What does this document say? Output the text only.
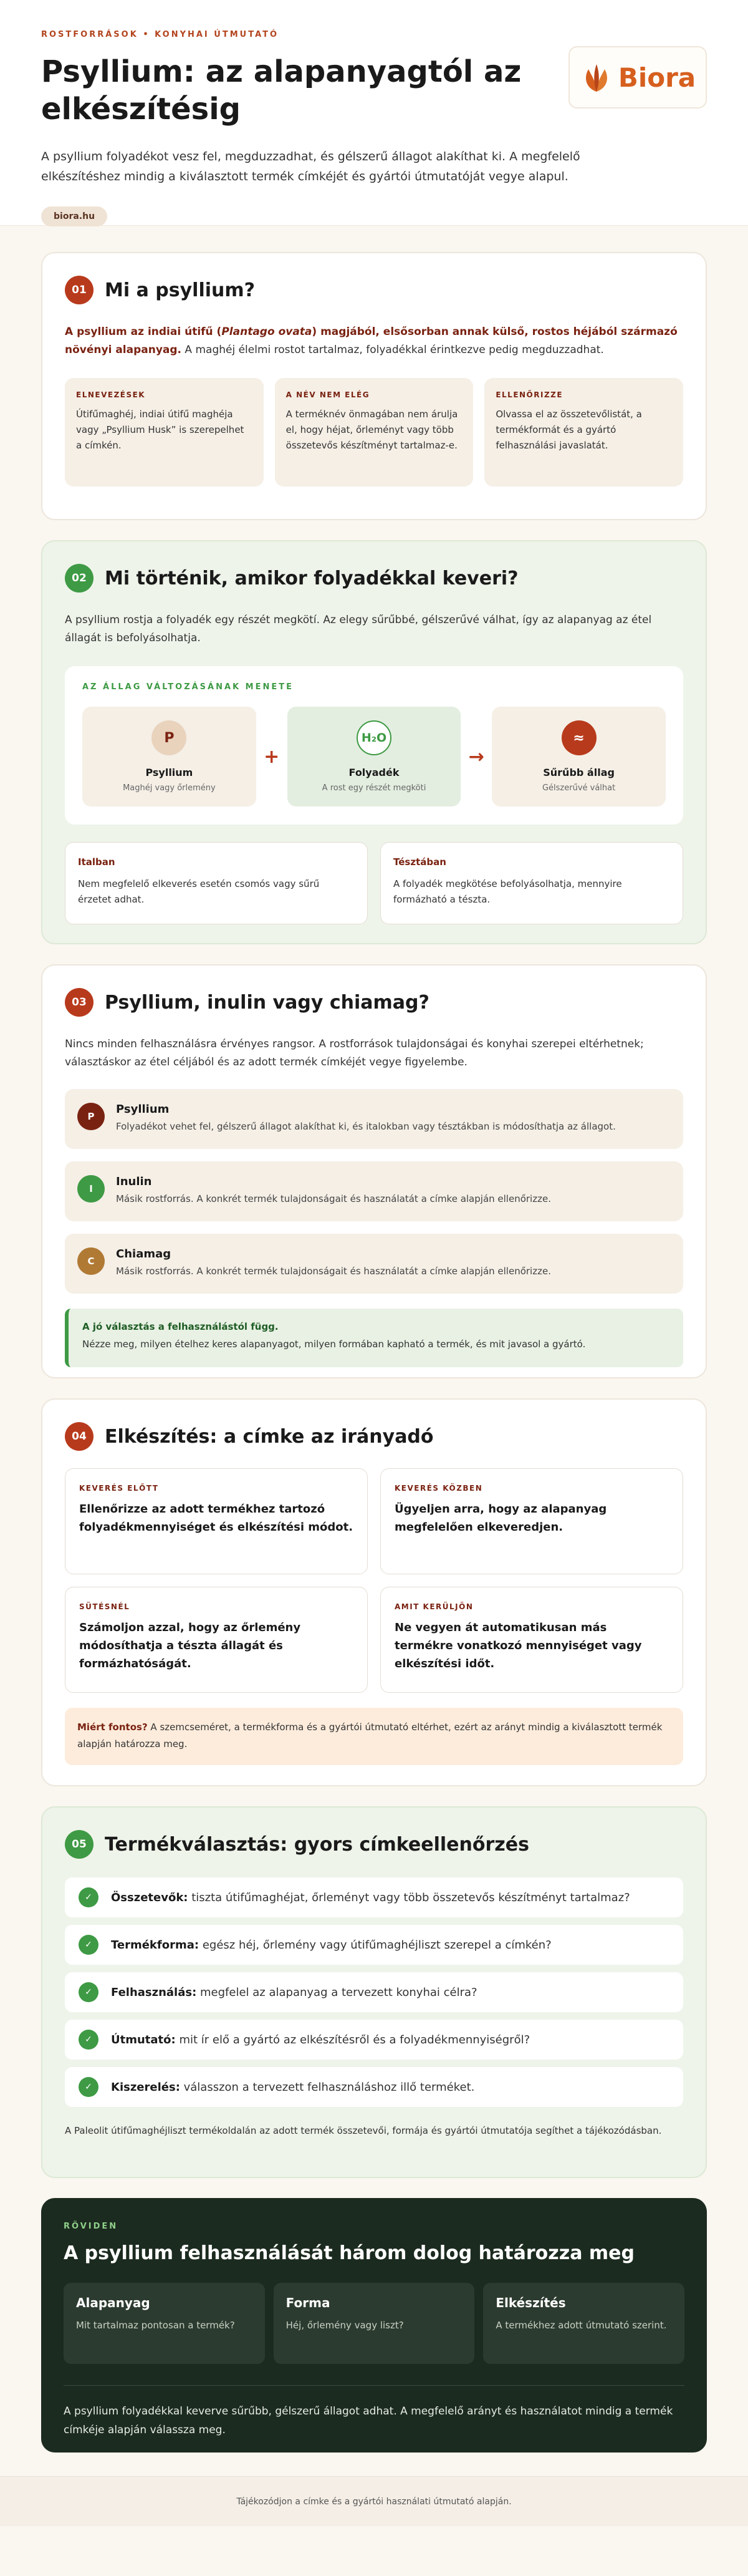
ROSTFORRÁSOK • KONYHAI ÚTMUTATÓ
Psyllium: az alapanyagtól az elkészítésig

A psyllium folyadékot vesz fel, megduzzadhat, és gélszerű állagot alakíthat ki. A megfelelő elkészítéshez mindig a kiválasztott termék címkéjét és gyártói útmutatóját vegye alapul.

biora.hu
Biora
01 Mi a psyllium?

A psyllium az indiai útifű (Plantago ovata) magjából, elsősorban annak külső, rostos héjából származó növényi alapanyag. A maghéj élelmi rostot tartalmaz, folyadékkal érintkezve pedig megduzzadhat.

ELNEVEZÉSEK
Útifűmaghéj, indiai útifű maghéja vagy „Psyllium Husk” is szerepelhet a címkén.
A NÉV NEM ELÉG
A terméknév önmagában nem árulja el, hogy héjat, őrleményt vagy több összetevős készítményt tartalmaz-e.
ELLENŐRIZZE
Olvassa el az összetevőlistát, a termékformát és a gyártó felhasználási javaslatát.
02 Mi történik, amikor folyadékkal keveri?

A psyllium rostja a folyadék egy részét megkötí. Az elegy sűrűbbé, gélszerűvé válhat, így az alapanyag az étel állagát is befolyásolhatja.

AZ ÁLLAG VÁLTOZÁSÁNAK MENETE
P
Psyllium
Maghéj vagy őrlemény
+
H₂O
Folyadék
A rost egy részét megköti
→
≈
Sűrűbb állag
Gélszerűvé válhat
Italban
Nem megfelelő elkeverés esetén csomós vagy sűrű érzetet adhat.
Tésztában
A folyadék megkötése befolyásolhatja, mennyire formázható a tészta.
03 Psyllium, inulin vagy chiamag?

Nincs minden felhasználásra érvényes rangsor. A rostforrások tulajdonságai és konyhai szerepei eltérhetnek; választáskor az étel céljából és az adott termék címkéjét vegye figyelembe.

P
Psyllium
Folyadékot vehet fel, gélszerű állagot alakíthat ki, és italokban vagy tésztákban is módosíthatja az állagot.
I
Inulin
Másik rostforrás. A konkrét termék tulajdonságait és használatát a címke alapján ellenőrizze.
C
Chiamag
Másik rostforrás. A konkrét termék tulajdonságait és használatát a címke alapján ellenőrizze.
A jó választás a felhasználástól függ.
Nézze meg, milyen ételhez keres alapanyagot, milyen formában kapható a termék, és mit javasol a gyártó.
04 Elkészítés: a címke az irányadó
KEVERÉS ELŐTT
Ellenőrizze az adott termékhez tartozó folyadékmennyiséget és elkészítési módot.
KEVERÉS KÖZBEN
Ügyeljen arra, hogy az alapanyag megfelelően elkeveredjen.
SÜTÉSNÉL
Számoljon azzal, hogy az őrlemény módosíthatja a tészta állagát és formázhatóságát.
AMIT KERÜLJÖN
Ne vegyen át automatikusan más termékre vonatkozó mennyiséget vagy elkészítési időt.
Miért fontos? A szemcseméret, a termékforma és a gyártói útmutató eltérhet, ezért az arányt mindig a kiválasztott termék alapján határozza meg.
05 Termékválasztás: gyors címkeellenőrzés
✓	Összetevők: tiszta útifűmaghéjat, őrleményt vagy több összetevős készítményt tartalmaz?
✓	Termékforma: egész héj, őrlemény vagy útifűmaghéjliszt szerepel a címkén?
✓	Felhasználás: megfelel az alapanyag a tervezett konyhai célra?
✓	Útmutató: mit ír elő a gyártó az elkészítésről és a folyadékmennyiségről?
✓	Kiszerelés: válasszon a tervezett felhasználáshoz illő terméket.

A Paleolit útifűmaghéjliszt termékoldalán az adott termék összetevői, formája és gyártói útmutatója segíthet a tájékozódásban.

RÖVIDEN
A psyllium felhasználását három dolog határozza meg
Alapanyag
Mit tartalmaz pontosan a termék?
Forma
Héj, őrlemény vagy liszt?
Elkészítés
A termékhez adott útmutató szerint.

A psyllium folyadékkal keverve sűrűbb, gélszerű állagot adhat. A megfelelő arányt és használatot mindig a termék címkéje alapján válassza meg.

Tájékozódjon a címke és a gyártói használati útmutató alapján.
